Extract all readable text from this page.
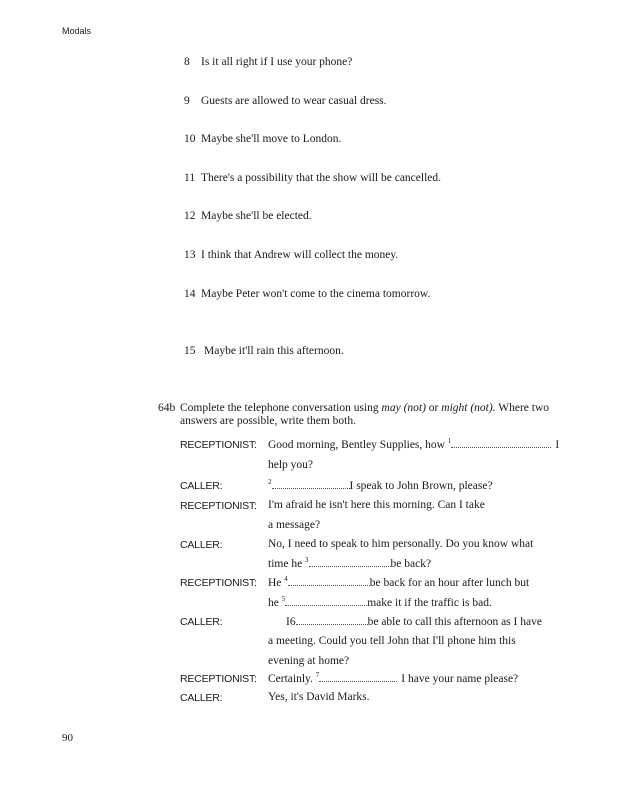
Modals
8 Is it all right if I use your phone?
9 Guests are allowed to wear casual dress.
10 Maybe she'll move to London.
11 There's a possibility that the show will be cancelled.
12 Maybe she'll be elected.
13 I think that Andrew will collect the money.
14 Maybe Peter won't come to the cinema tomorrow.
15 Maybe it'll rain this afternoon.
64b Complete the telephone conversation using may (not) or might (not). Where two answers are possible, write them both.
RECEPTIONIST: Good morning, Bentley Supplies, how $^1$	I
help you?
CALLER:	$^2$	I speak to John Brown, please?
RECEPTIONIST: I'm afraid he isn't here this morning. Can I take
a message?
CALLER:	No, I need to speak to him personally. Do you know what
time he $^3$	be back?
RECEPTIONIST: He $^4$	be back for an hour after lunch but
he $^5$	make it if the traffic is bad.
CALLER:	I6	be able to call this afternoon as I have
a meeting. Could you tell John that I'll phone him this
evening at home?
RECEPTIONIST: Certainly. $^7$	I have your name please?
CALLER:	Yes, it's David Marks.
90
